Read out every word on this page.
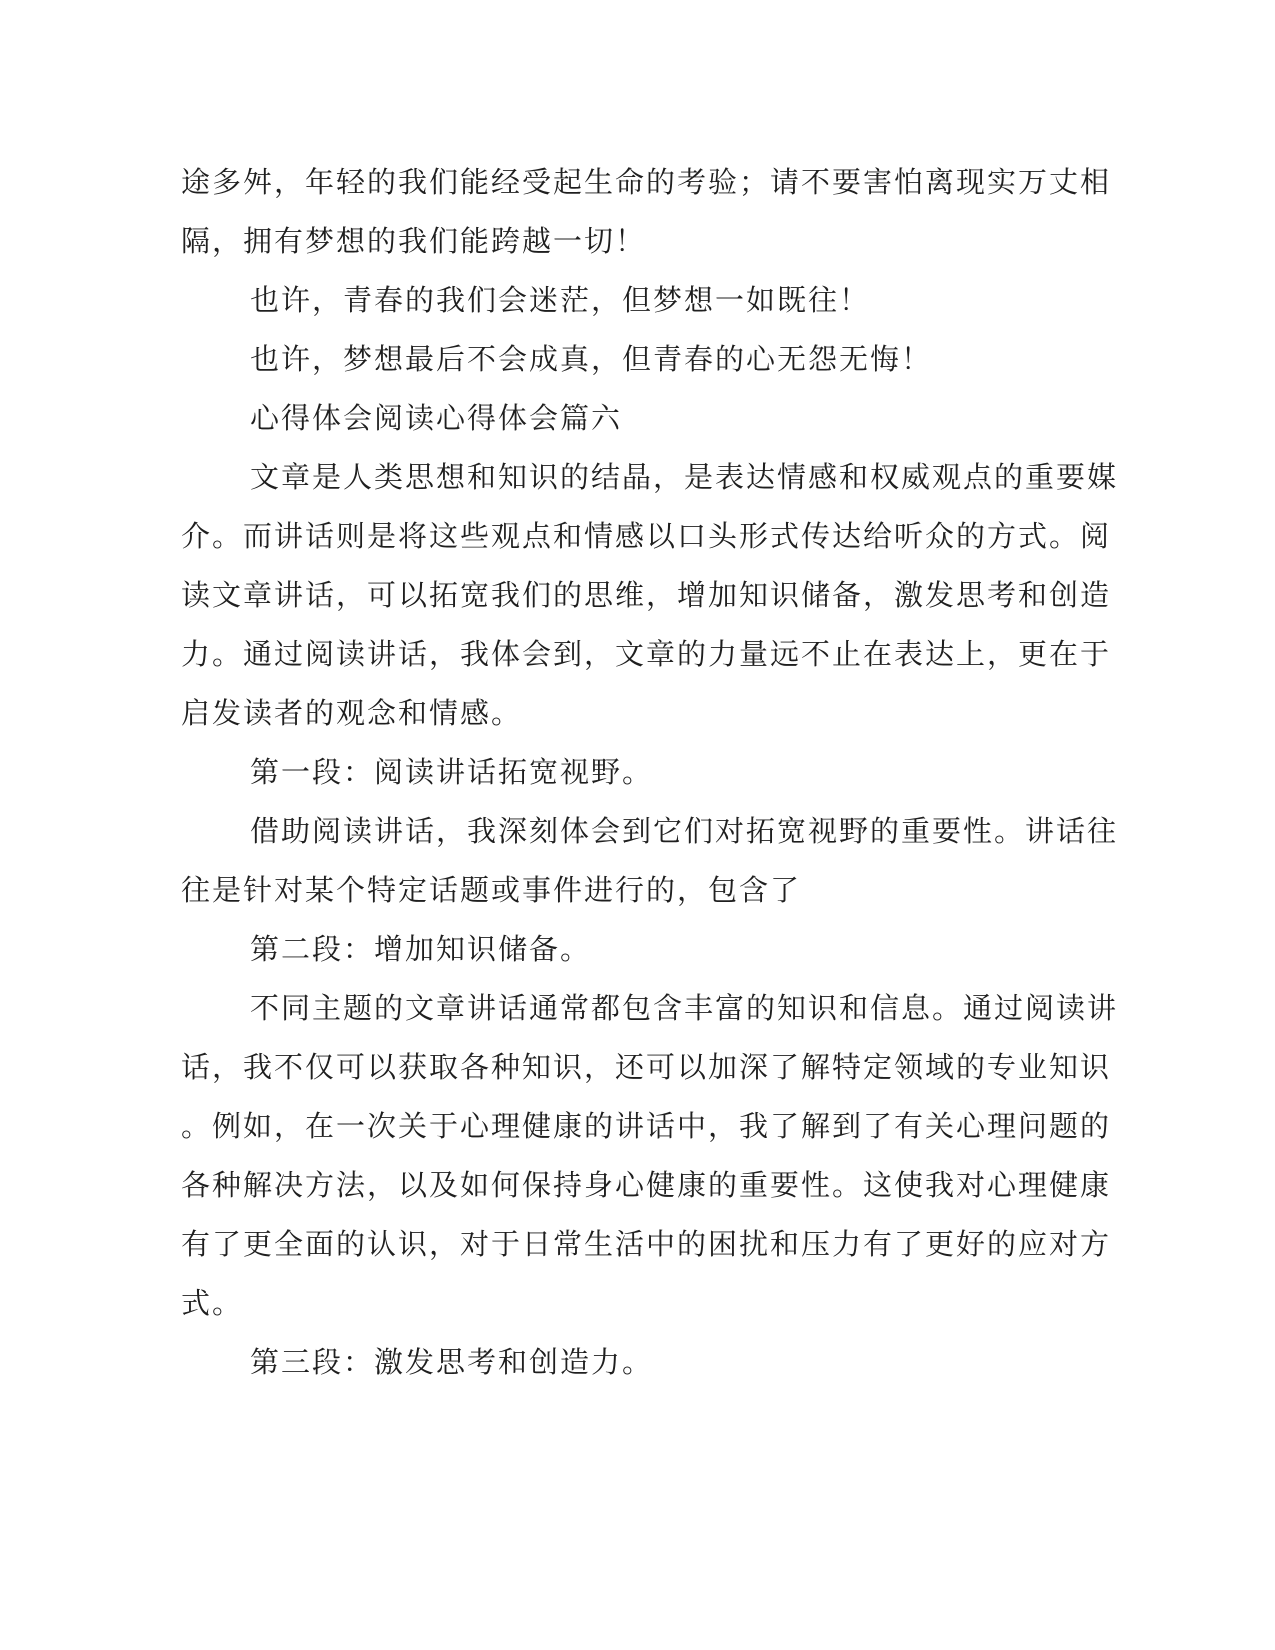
途多舛，年轻的我们能经受起生命的考验；请不要害怕离现实万丈相

隔，拥有梦想的我们能跨越一切！

也许，青春的我们会迷茫，但梦想一如既往！

也许，梦想最后不会成真，但青春的心无怨无悔！

心得体会阅读心得体会篇六

文章是人类思想和知识的结晶，是表达情感和权威观点的重要媒

介。而讲话则是将这些观点和情感以口头形式传达给听众的方式。阅

读文章讲话，可以拓宽我们的思维，增加知识储备，激发思考和创造

力。通过阅读讲话，我体会到，文章的力量远不止在表达上，更在于

启发读者的观念和情感。

第一段：阅读讲话拓宽视野。

借助阅读讲话，我深刻体会到它们对拓宽视野的重要性。讲话往

往是针对某个特定话题或事件进行的，包含了

第二段：增加知识储备。

不同主题的文章讲话通常都包含丰富的知识和信息。通过阅读讲

话，我不仅可以获取各种知识，还可以加深了解特定领域的专业知识

。例如，在一次关于心理健康的讲话中，我了解到了有关心理问题的

各种解决方法，以及如何保持身心健康的重要性。这使我对心理健康

有了更全面的认识，对于日常生活中的困扰和压力有了更好的应对方

式。

第三段：激发思考和创造力。
